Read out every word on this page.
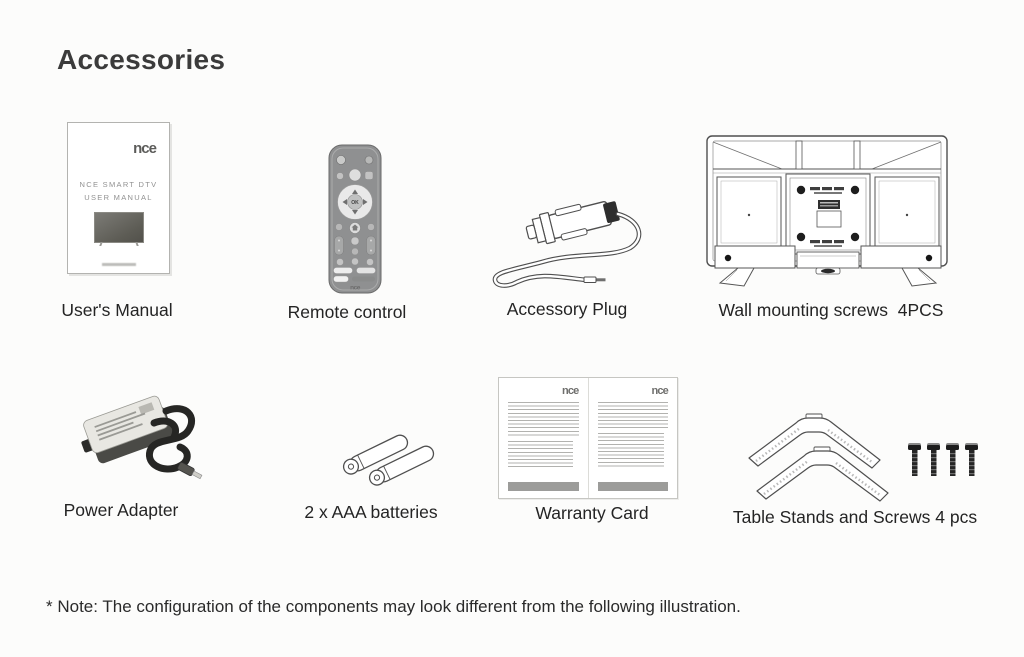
Accessories
nce
NCE SMART DTV
USER MANUAL
User's Manual
OK
nce
Remote control	Accessory Plug	Wall mounting screws  4PCS
Power Adapter	2 x AAA batteries
nce	nce
Warranty Card	Table Stands and Screws 4 pcs
* Note: The configuration of the components may look different from the following illustration.
